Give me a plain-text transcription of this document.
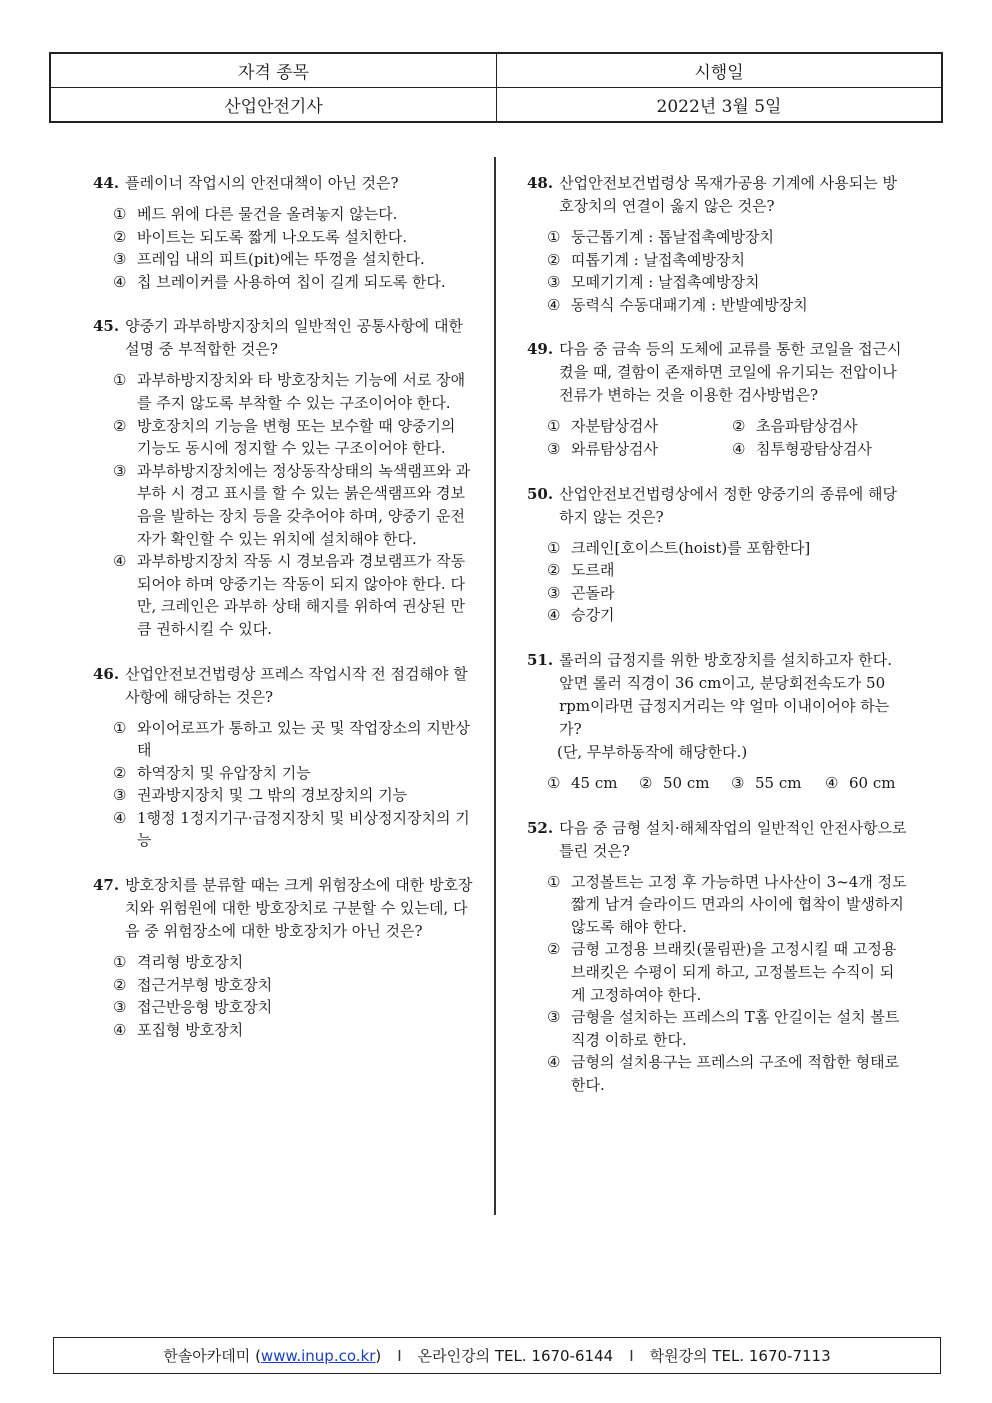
자격 종목	시행일
산업안전기사	2022년 3월 5일
44. 플레이너 작업시의 안전대책이 아닌 것은?
① 베드 위에 다른 물건을 올려놓지 않는다.
② 바이트는 되도록 짧게 나오도록 설치한다.
③ 프레임 내의 피트(pit)에는 뚜껑을 설치한다.
④ 칩 브레이커를 사용하여 칩이 길게 되도록 한다.
45. 양중기 과부하방지장치의 일반적인 공통사항에 대한 설명 중 부적합한 것은?
① 과부하방지장치와 타 방호장치는 기능에 서로 장애를 주지 않도록 부착할 수 있는 구조이어야 한다.
② 방호장치의 기능을 변형 또는 보수할 때 양중기의 기능도 동시에 정지할 수 있는 구조이어야 한다.
③ 과부하방지장치에는 정상동작상태의 녹색램프와 과부하 시 경고 표시를 할 수 있는 붉은색램프와 경보음을 발하는 장치 등을 갖추어야 하며, 양중기 운전자가 확인할 수 있는 위치에 설치해야 한다.
④ 과부하방지장치 작동 시 경보음과 경보램프가 작동되어야 하며 양중기는 작동이 되지 않아야 한다. 다만, 크레인은 과부하 상태 해지를 위하여 권상된 만큼 권하시킬 수 있다.
46. 산업안전보건법령상 프레스 작업시작 전 점검해야 할 사항에 해당하는 것은?
① 와이어로프가 통하고 있는 곳 및 작업장소의 지반상태
② 하역장치 및 유압장치 기능
③ 권과방지장치 및 그 밖의 경보장치의 기능
④ 1행정 1정지기구·급정지장치 및 비상정지장치의 기능
47. 방호장치를 분류할 때는 크게 위험장소에 대한 방호장치와 위험원에 대한 방호장치로 구분할 수 있는데, 다음 중 위험장소에 대한 방호장치가 아닌 것은?
① 격리형 방호장치
② 접근거부형 방호장치
③ 접근반응형 방호장치
④ 포집형 방호장치
48. 산업안전보건법령상 목재가공용 기계에 사용되는 방호장치의 연결이 옳지 않은 것은?
① 둥근톱기계 : 톱날접촉예방장치
② 띠톱기계 : 날접촉예방장치
③ 모떼기기계 : 날접촉예방장치
④ 동력식 수동대패기계 : 반발예방장치
49. 다음 중 금속 등의 도체에 교류를 통한 코일을 접근시켰을 때, 결함이 존재하면 코일에 유기되는 전압이나 전류가 변하는 것을 이용한 검사방법은?
① 자분탐상검사	② 초음파탐상검사
③ 와류탐상검사	④ 침투형광탐상검사
50. 산업안전보건법령상에서 정한 양중기의 종류에 해당하지 않는 것은?
① 크레인[호이스트(hoist)를 포함한다]
② 도르래
③ 곤돌라
④ 승강기
51. 롤러의 급정지를 위한 방호장치를 설치하고자 한다. 앞면 롤러 직경이 36 cm이고, 분당회전속도가 50 rpm이라면 급정지거리는 약 얼마 이내이어야 하는가?
(단, 무부하동작에 해당한다.)
① 45 cm	② 50 cm	③ 55 cm	④ 60 cm
52. 다음 중 금형 설치·해체작업의 일반적인 안전사항으로 틀린 것은?
① 고정볼트는 고정 후 가능하면 나사산이 3~4개 정도 짧게 남겨 슬라이드 면과의 사이에 협착이 발생하지 않도록 해야 한다.
② 금형 고정용 브래킷(물림판)을 고정시킬 때 고정용 브래킷은 수평이 되게 하고, 고정볼트는 수직이 되게 고정하여야 한다.
③ 금형을 설치하는 프레스의 T홈 안길이는 설치 볼트 직경 이하로 한다.
④ 금형의 설치용구는 프레스의 구조에 적합한 형태로 한다.
한솔아카데미 (www.inup.co.kr) I 온라인강의 TEL. 1670-6144 I 학원강의 TEL. 1670-7113
